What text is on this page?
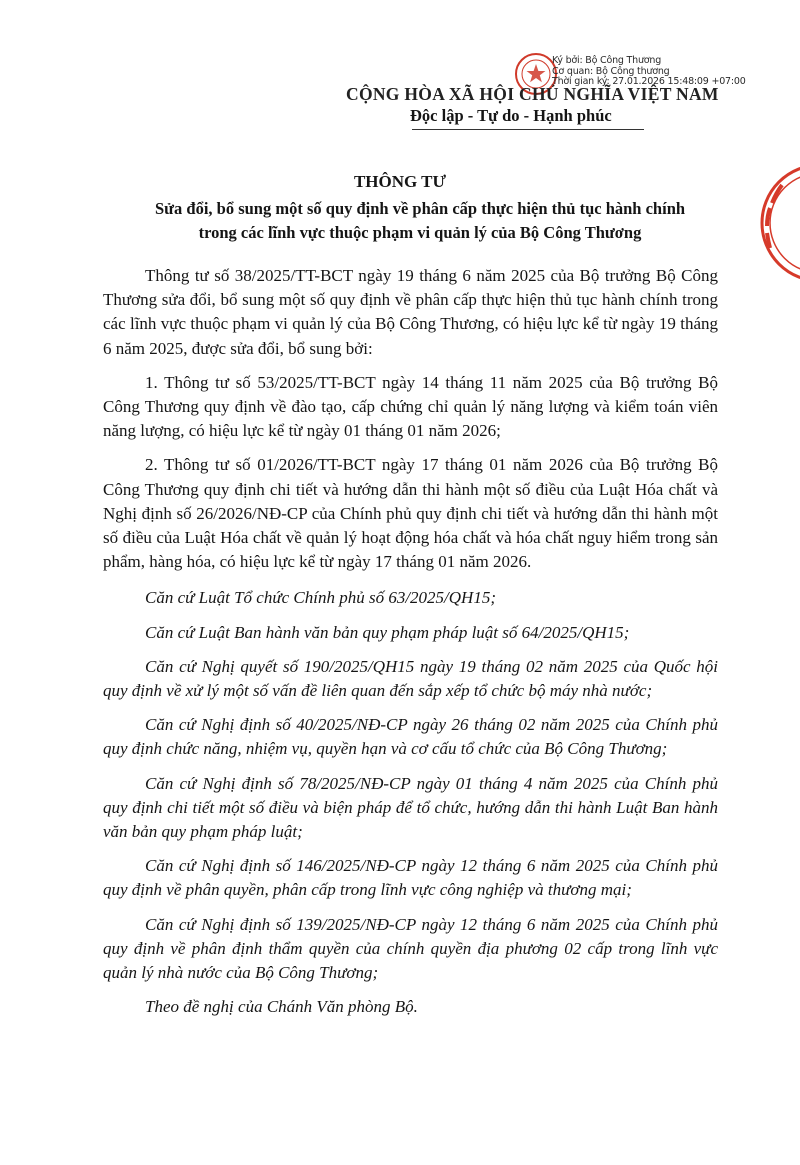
Ký bởi: Bộ Công Thương
Cơ quan: Bộ Công thương
Thời gian ký: 27.01.2026 15:48:09 +07:00
CỘNG HÒA XÃ HỘI CHỦ NGHĨA VIỆT NAM
Độc lập - Tự do - Hạnh phúc
THÔNG TƯ
Sửa đổi, bổ sung một số quy định về phân cấp thực hiện thủ tục hành chính
trong các lĩnh vực thuộc phạm vi quản lý của Bộ Công Thương

Thông tư số 38/2025/TT-BCT ngày 19 tháng 6 năm 2025 của Bộ trưởng Bộ Công Thương sửa đổi, bổ sung một số quy định về phân cấp thực hiện thủ tục hành chính trong các lĩnh vực thuộc phạm vi quản lý của Bộ Công Thương, có hiệu lực kể từ ngày 19 tháng 6 năm 2025, được sửa đổi, bổ sung bởi:

1. Thông tư số 53/2025/TT-BCT ngày 14 tháng 11 năm 2025 của Bộ trưởng Bộ Công Thương quy định về đào tạo, cấp chứng chỉ quản lý năng lượng và kiểm toán viên năng lượng, có hiệu lực kể từ ngày 01 tháng 01 năm 2026;

2. Thông tư số 01/2026/TT-BCT ngày 17 tháng 01 năm 2026 của Bộ trưởng Bộ Công Thương quy định chi tiết và hướng dẫn thi hành một số điều của Luật Hóa chất và Nghị định số 26/2026/NĐ-CP của Chính phủ quy định chi tiết và hướng dẫn thi hành một số điều của Luật Hóa chất về quản lý hoạt động hóa chất và hóa chất nguy hiểm trong sản phẩm, hàng hóa, có hiệu lực kể từ ngày 17 tháng 01 năm 2026.

Căn cứ Luật Tổ chức Chính phủ số 63/2025/QH15;

Căn cứ Luật Ban hành văn bản quy phạm pháp luật số 64/2025/QH15;

Căn cứ Nghị quyết số 190/2025/QH15 ngày 19 tháng 02 năm 2025 của Quốc hội quy định về xử lý một số vấn đề liên quan đến sắp xếp tổ chức bộ máy nhà nước;

Căn cứ Nghị định số 40/2025/NĐ-CP ngày 26 tháng 02 năm 2025 của Chính phủ quy định chức năng, nhiệm vụ, quyền hạn và cơ cấu tổ chức của Bộ Công Thương;

Căn cứ Nghị định số 78/2025/NĐ-CP ngày 01 tháng 4 năm 2025 của Chính phủ quy định chi tiết một số điều và biện pháp để tổ chức, hướng dẫn thi hành Luật Ban hành văn bản quy phạm pháp luật;

Căn cứ Nghị định số 146/2025/NĐ-CP ngày 12 tháng 6 năm 2025 của Chính phủ quy định về phân quyền, phân cấp trong lĩnh vực công nghiệp và thương mại;

Căn cứ Nghị định số 139/2025/NĐ-CP ngày 12 tháng 6 năm 2025 của Chính phủ quy định về phân định thẩm quyền của chính quyền địa phương 02 cấp trong lĩnh vực quản lý nhà nước của Bộ Công Thương;

Theo đề nghị của Chánh Văn phòng Bộ.
